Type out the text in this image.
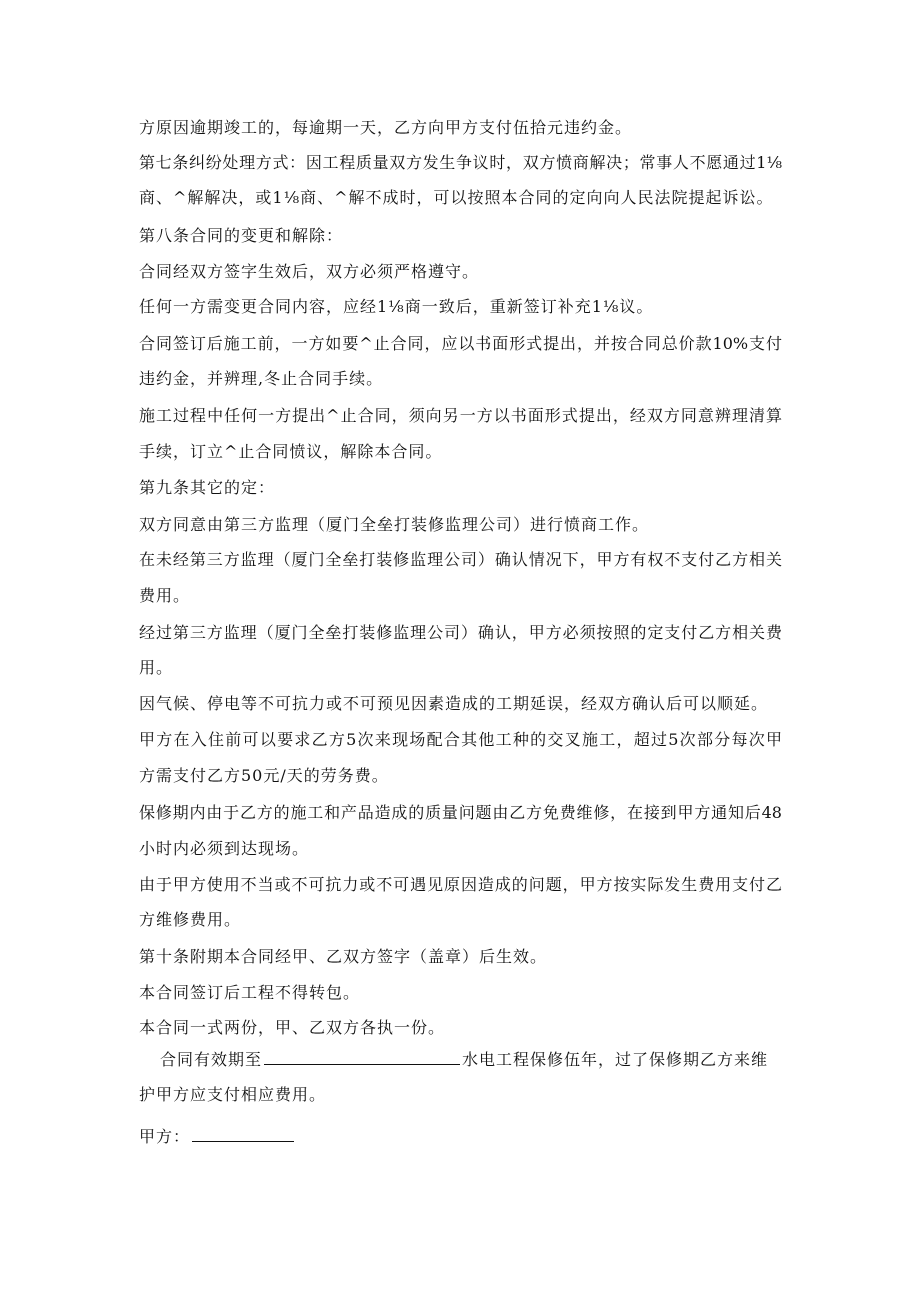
方原因逾期竣工的，每逾期一天，乙方向甲方支付伍拾元违约金。
第七条纠纷处理方式：因工程质量双方发生争议时，双方愤商解决；常事人不愿通过1⅛
商、^解解决，或1⅛商、^解不成时，可以按照本合同的定向向人民法院提起诉讼。
第八条合同的变更和解除：
合同经双方签字生效后，双方必须严格遵守。
任何一方需变更合同内容，应经1⅛商一致后，重新签订补充1⅛议。
合同签订后施工前，一方如要^止合同，应以书面形式提出，并按合同总价款10%支付
违约金，并辨理,冬止合同手续。
施工过程中任何一方提出^止合同，须向另一方以书面形式提出，经双方同意辨理清算
手续，订立^止合同愤议，解除本合同。
第九条其它的定：
双方同意由第三方监理（厦门全垒打装修监理公司）进行愤商工作。
在未经第三方监理（厦门全垒打装修监理公司）确认情况下，甲方有权不支付乙方相关
费用。
经过第三方监理（厦门全垒打装修监理公司）确认，甲方必须按照的定支付乙方相关费
用。
因气候、停电等不可抗力或不可预见因素造成的工期延误，经双方确认后可以顺延。
甲方在入住前可以要求乙方5次来现场配合其他工种的交叉施工，超过5次部分每次甲
方需支付乙方50元/天的劳务费。
保修期内由于乙方的施工和产品造成的质量问题由乙方免费维修，在接到甲方通知后48
小时内必须到达现场。
由于甲方使用不当或不可抗力或不可遇见原因造成的问题，甲方按实际发生费用支付乙
方维修费用。
第十条附期本合同经甲、乙双方签字（盖章）后生效。
本合同签订后工程不得转包。
本合同一式两份，甲、乙双方各执一份。
合同有效期至	水电工程保修伍年，过了保修期乙方来维
护甲方应支付相应费用。
甲方：
